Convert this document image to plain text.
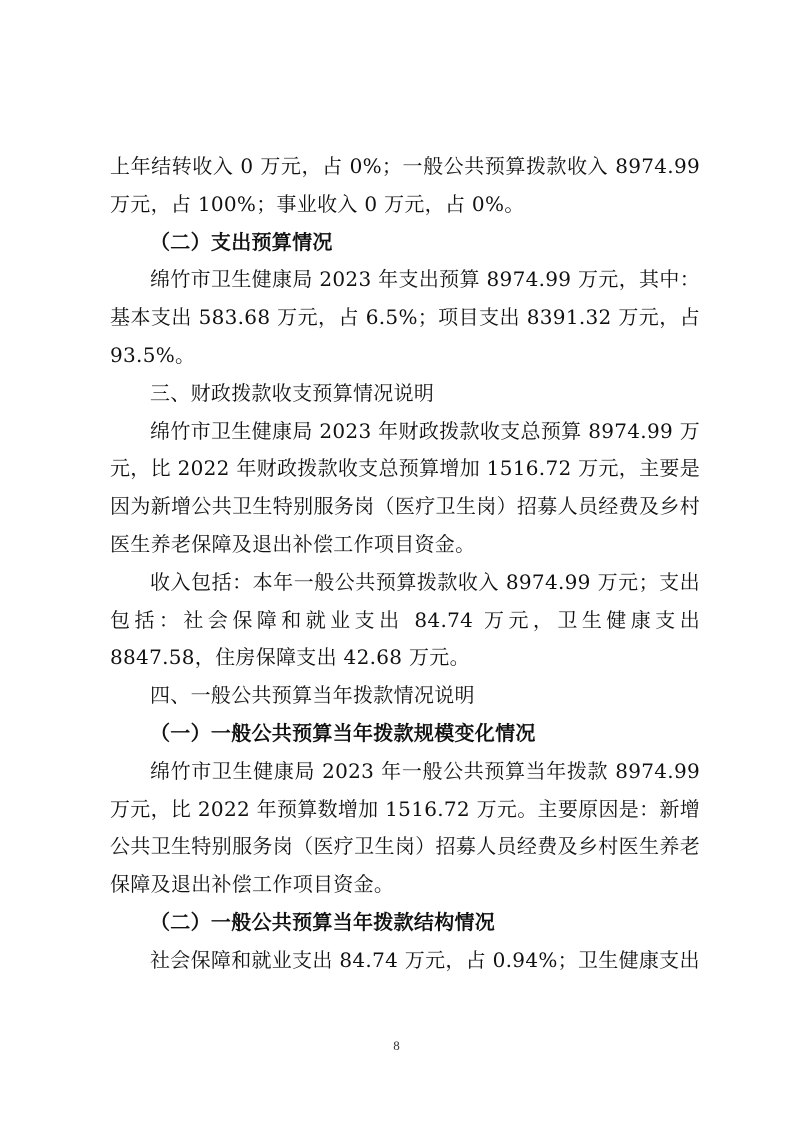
上年结转收入 0 万元，占 0%；一般公共预算拨款收入 8974.99 万元，占 100%；事业收入 0 万元，占 0%。

（二）支出预算情况

绵竹市卫生健康局 2023 年支出预算 8974.99 万元，其中：基本支出 583.68 万元，占 6.5%；项目支出 8391.32 万元，占 93.5%。

三、财政拨款收支预算情况说明

绵竹市卫生健康局 2023 年财政拨款收支总预算 8974.99 万元，比 2022 年财政拨款收支总预算增加 1516.72 万元，主要是因为新增公共卫生特别服务岗（医疗卫生岗）招募人员经费及乡村医生养老保障及退出补偿工作项目资金。

收入包括：本年一般公共预算拨款收入 8974.99 万元；支出包括：社会保障和就业支出 84.74 万元，卫生健康支出 8847.58，住房保障支出 42.68 万元。

四、一般公共预算当年拨款情况说明

（一）一般公共预算当年拨款规模变化情况

绵竹市卫生健康局 2023 年一般公共预算当年拨款 8974.99 万元，比 2022 年预算数增加 1516.72 万元。主要原因是：新增公共卫生特别服务岗（医疗卫生岗）招募人员经费及乡村医生养老保障及退出补偿工作项目资金。

（二）一般公共预算当年拨款结构情况

社会保障和就业支出 84.74 万元，占 0.94%；卫生健康支出

8
